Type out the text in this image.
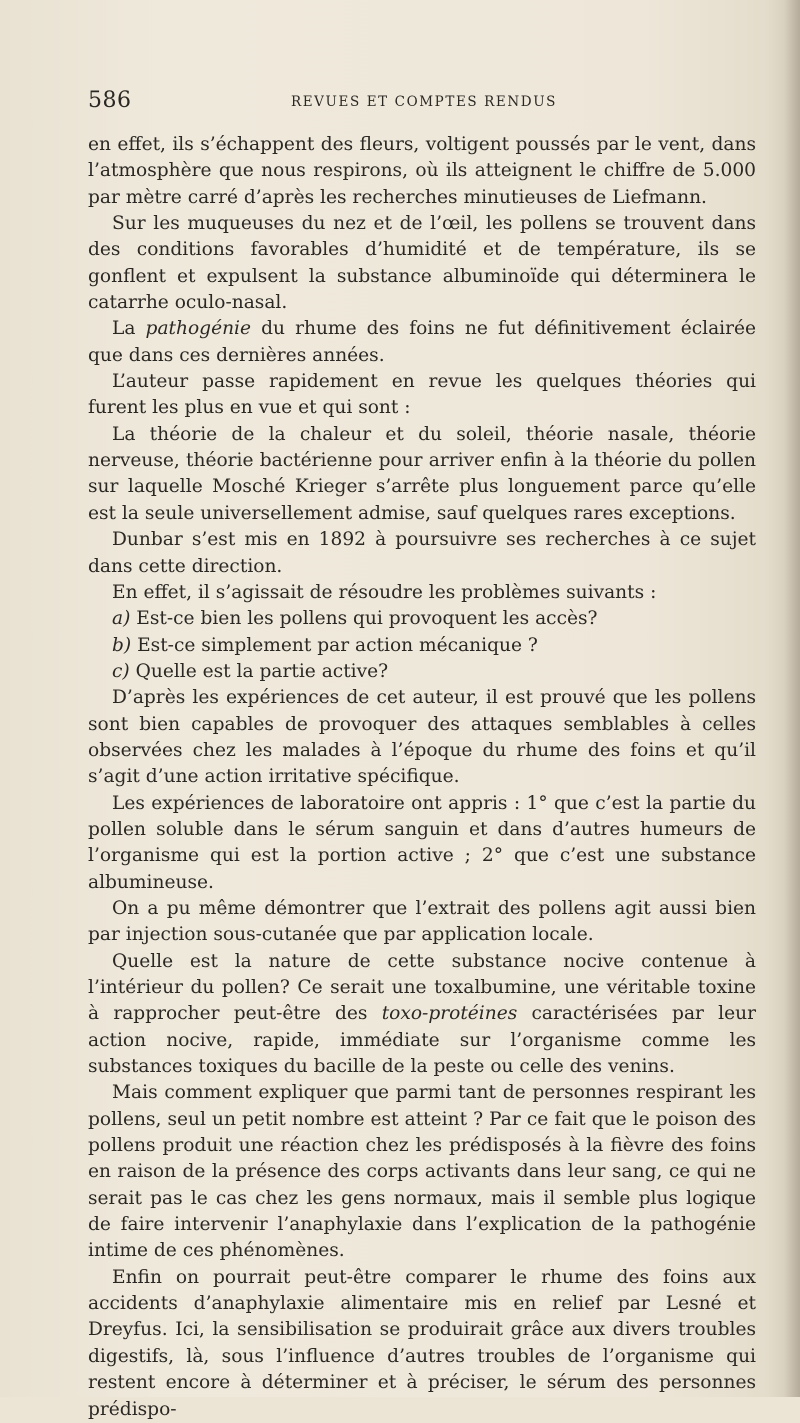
586	REVUES ET COMPTES RENDUS

en effet, ils s’échappent des fleurs, voltigent poussés par le vent, dans l’atmosphère que nous respirons, où ils atteignent le chiffre de 5.000 par mètre carré d’après les recherches minutieuses de Liefmann.

Sur les muqueuses du nez et de l’œil, les pollens se trouvent dans des conditions favorables d’humidité et de température, ils se gonflent et expulsent la substance albuminoïde qui déterminera le catarrhe oculo-nasal.

La pathogénie du rhume des foins ne fut définitivement éclairée que dans ces dernières années.

L’auteur passe rapidement en revue les quelques théories qui furent les plus en vue et qui sont :

La théorie de la chaleur et du soleil, théorie nasale, théorie nerveuse, théorie bactérienne pour arriver enfin à la théorie du pollen sur laquelle Mosché Krieger s’arrête plus longuement parce qu’elle est la seule universellement admise, sauf quelques rares exceptions.

Dunbar s’est mis en 1892 à poursuivre ses recherches à ce sujet dans cette direction.

En effet, il s’agissait de résoudre les problèmes suivants :

a) Est-ce bien les pollens qui provoquent les accès?

b) Est-ce simplement par action mécanique ?

c) Quelle est la partie active?

D’après les expériences de cet auteur, il est prouvé que les pollens sont bien capables de provoquer des attaques semblables à celles observées chez les malades à l’époque du rhume des foins et qu’il s’agit d’une action irritative spécifique.

Les expériences de laboratoire ont appris : 1° que c’est la partie du pollen soluble dans le sérum sanguin et dans d’autres humeurs de l’organisme qui est la portion active ; 2° que c’est une substance albumineuse.

On a pu même démontrer que l’extrait des pollens agit aussi bien par injection sous-cutanée que par application locale.

Quelle est la nature de cette substance nocive contenue à l’intérieur du pollen? Ce serait une toxalbumine, une véritable toxine à rapprocher peut-être des toxo-protéines caractérisées par leur action nocive, rapide, immédiate sur l’organisme comme les substances toxiques du bacille de la peste ou celle des venins.

Mais comment expliquer que parmi tant de personnes respirant les pollens, seul un petit nombre est atteint ? Par ce fait que le poison des pollens produit une réaction chez les prédisposés à la fièvre des foins en raison de la présence des corps activants dans leur sang, ce qui ne serait pas le cas chez les gens normaux, mais il semble plus logique de faire intervenir l’anaphylaxie dans l’explication de la pathogénie intime de ces phénomènes.

Enfin on pourrait peut-être comparer le rhume des foins aux accidents d’anaphylaxie alimentaire mis en relief par Lesné et Dreyfus. Ici, la sensibilisation se produirait grâce aux divers troubles digestifs, là, sous l’influence d’autres troubles de l’organisme qui restent encore à déterminer et à préciser, le sérum des personnes prédispo-
